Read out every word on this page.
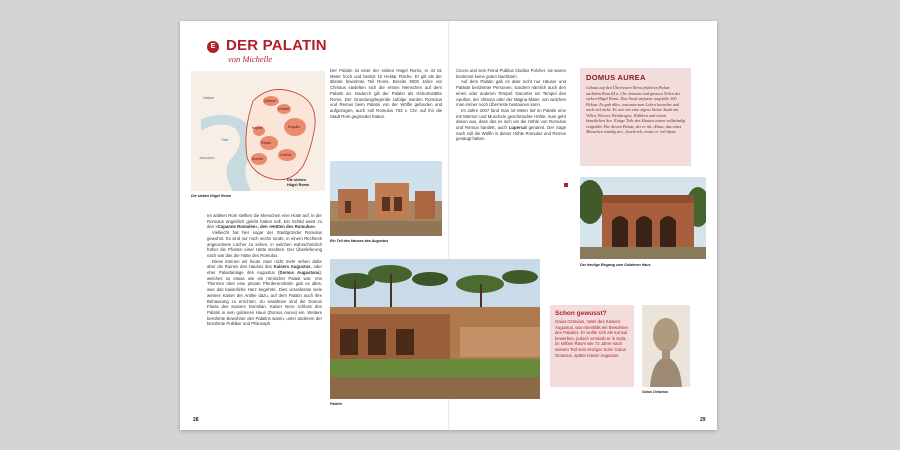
E DER PALATIN
von Michelle
Palatin
Kapitol
Aventin
Caelius
Esquilin
Viminal
Quirinal
Vatikan
Janiculum
Tiber
Die sieben
Hügel Roms
Die sieben Hügel Roms

Im antiken Rom stellten die Menschen eine Hütte auf, in der Romulus angeblich gelebt haben soll. Ein Schild weist zu den «Capanne Romulee», den «Hütten des Romulus».

Vielleicht hat hier sogar der Stadtgründer Romulus gewohnt. Es sind nur noch sechs runde, in einem Rechteck angeordnete Löcher zu sehen, in welchen wahrscheinlich früher die Pfosten einer Hütte steckten. Der Überlieferung nach war das die Hütte des Romulus.

Diese können wir heute zwar nicht mehr sehen dafür aber die Ruinen des Hauses des Kaisers Augustus, oder eher Palastanlage des Augustus (Domus Augustana), welches so etwas wie ein römischer Palast war. Von Thermen über eine private Pferderennbahn gab es alles, was das kaiserliche Herz begehrte. Dies veranlasste viele weitere Kaiser der Antike dazu, auf dem Palatin auch ihre Behausung zu errichten. Zu erwähnen sind die Domus Flavia des Kaisers Domitian. Kaiser Nero schloss den Palatin in sein goldenes Haus (Domus Aurea) ein. Weitere berühmte Bewohner des Palatins waren, unter anderem der berühmte Politiker und Philosoph

Der Palatin ist einer der sieben Hügel Roms, er ist 51 Meter hoch und besitzt 10 Hektar Fläche. Er gilt als der älteste bewohnte Teil Roms. Bereits 9000 Jahre vor Christus siedelten sich die ersten Menschen auf dem Palatin an. Dadurch gilt der Palatin als Geburtsstätte Roms. Der Gründungslegende zufolge wurden Romulus und Remus beim Palatin von der Wölfin gefunden und aufgezogen, auch soll Romulus 753 v. Chr. auf ihn die Stadt Rom gegründet haben.

Ein Teil des Hauses des Augustus
Palatin
28

Cicero und sein Feind Publius Clodius Pulcher, sie waren bestimmt keine guten Nachbarn.

Auf dem Palatin gab es aber nicht nur Häuser und Paläste berühmter Personen, sondern nämlich auch den einen oder anderen Tempel. Darunter ein Tempel des Apollon, der Viktoria oder der Magna Mater, von welchen man immer noch Überreste bestaunen kann.

Im Jahre 2007 fand man 16 Meter tief im Palatin eine mit Marmor und Muscheln geschmückte Höhle, man geht davon aus, dass das es sich um die Höhle von Romulus und Remus handelt, auch Lupercal genannt. Der Sage nach soll die Wölfin in dieser Höhle Romulus und Remus gesäugt haben.

DOMUS AUREA
Gebaut auf den Überresten Neros früheren Palast nachdem Rom 64 n. Chr. brannte und grossen Teilen der sieben Hügel Roms. Das Areal umfasste ungefähr 100 Hektar. Es gab alles, was man zum Leben brauchte und noch viel mehr. Es war wie eine eigene kleine Stadt mit Villen, Wiesen, Weinbergen, Wäldern und einem künstlichen See. Einige Teile des Hauses waren vollständig vergoldet. Für diesen Palast, der er als «Haus, das eines Menschen würdig sei», beschrieb, ernste er viel Spott.
Der heutige Eingang zum Goldenen Haus
Schon gewusst?
Gaius Octavius, Vater des Kaisers Augustus, war ebenfalls ein Bewohner des Palatins. Er wollte sich als Konsul bewerben, jedoch verstarb er in Nola, im selben Raum wie 72 Jahre nach seinem Tod sein einziger Sohn Gaius Octavius, später Kaiser Augustus.
Gaius Octavius
29
